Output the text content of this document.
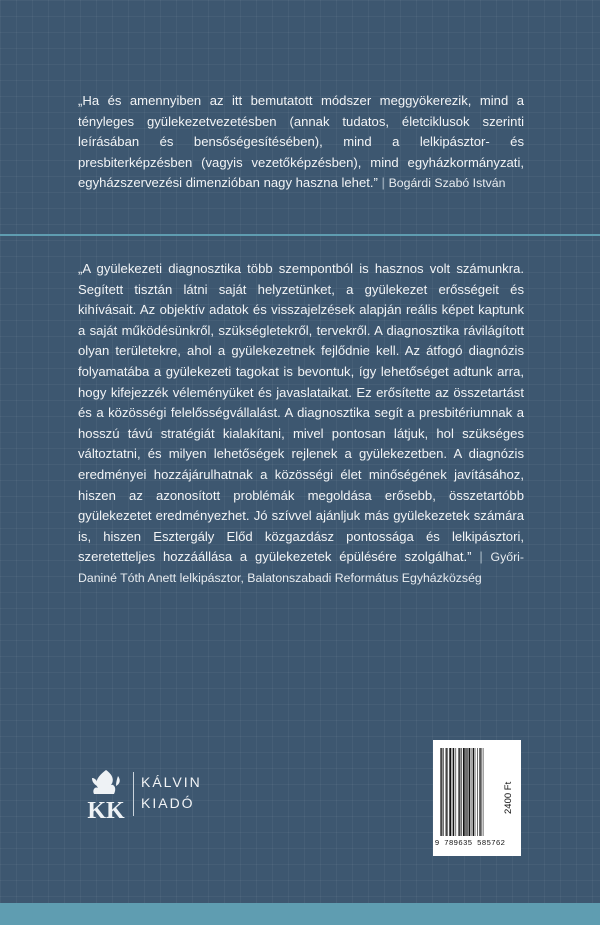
„Ha és amennyiben az itt bemutatott módszer meggyökerezik, mind a tényleges gyülekezetvezetésben (annak tudatos, életciklusok szerinti leírásában és bensőségesítésében), mind a lelkipásztor- és presbiterképzésben (vagyis vezetőképzésben), mind egyházkormányzati, egyházszervezési dimenzióban nagy haszna lehet.” | Bogárdi Szabó István
„A gyülekezeti diagnosztika több szempontból is hasznos volt számunkra. Segített tisztán látni saját helyzetünket, a gyülekezet erősségeit és kihívásait. Az objektív adatok és visszajelzések alapján reális képet kaptunk a saját működésünkről, szükségletekről, tervekről. A diagnosztika rávilágított olyan területekre, ahol a gyülekezetnek fejlődnie kell. Az átfogó diagnózis folyamatába a gyülekezeti tagokat is bevontuk, így lehetőséget adtunk arra, hogy kifejezzék véleményüket és javaslataikat. Ez erősítette az összetartást és a közösségi felelősségvállalást. A diagnosztika segít a presbitériumnak a hosszú távú stratégiát kialakítani, mivel pontosan látjuk, hol szükséges változtatni, és milyen lehetőségek rejlenek a gyülekezetben. A diagnózis eredményei hozzájárulhatnak a közösségi élet minőségének javításához, hiszen az azonosított problémák megoldása erősebb, összetartóbb gyülekezetet eredményezhet. Jó szívvel ajánljuk más gyülekezetek számára is, hiszen Esztergály Előd közgazdász pontossága és lelkipásztori, szeretetteljes hozzáállása a gyülekezetek épülésére szolgálhat.” | Győri-Daniné Tóth Anett lelkipásztor, Balatonszabadi Református Egyházközség
KK
KÁLVIN
KIADÓ
9 789635 585762
2400 Ft
